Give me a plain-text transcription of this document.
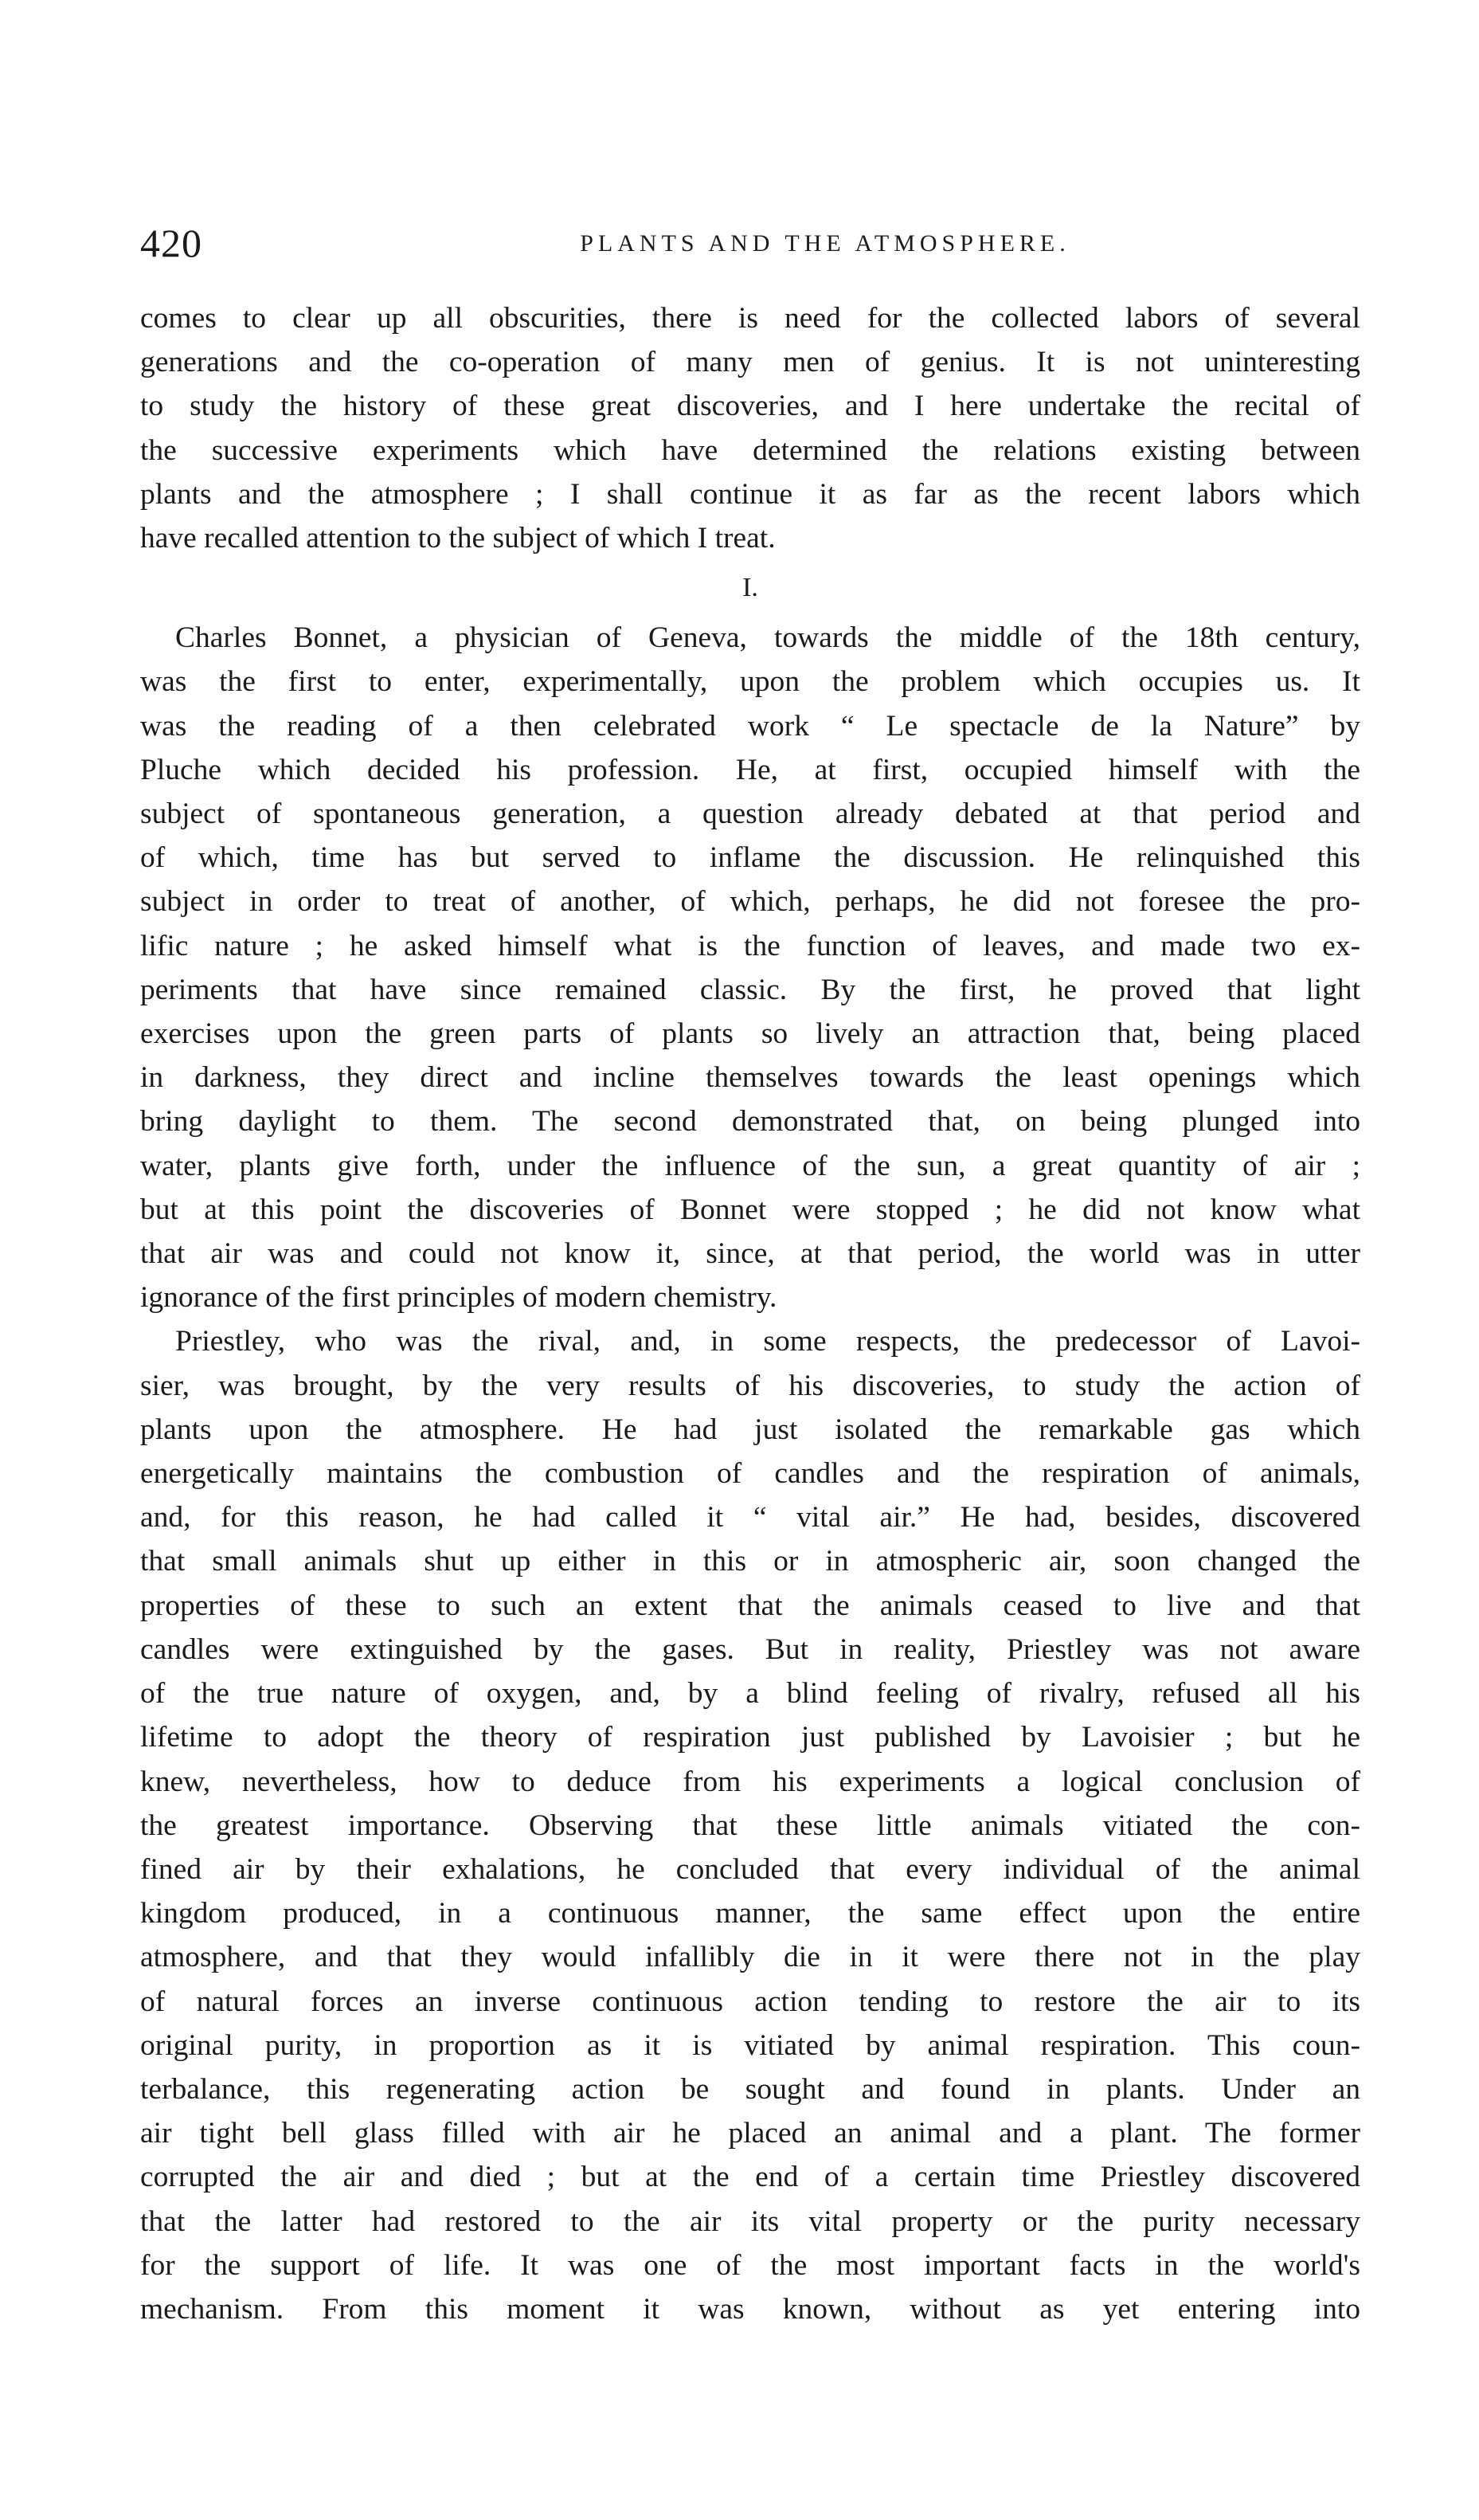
420	PLANTS AND THE ATMOSPHERE.

comes to clear up all obscurities, there is need for the collected labors of several
generations and the co-operation of many men of genius. It is not uninteresting
to study the history of these great discoveries, and I here undertake the recital of
the successive experiments which have determined the relations existing between
plants and the atmosphere ; I shall continue it as far as the recent labors which
have recalled attention to the subject of which I treat.

I.

Charles Bonnet, a physician of Geneva, towards the middle of the 18th century,
was the first to enter, experimentally, upon the problem which occupies us. It
was the reading of a then celebrated work “ Le spectacle de la Nature” by
Pluche which decided his profession. He, at first, occupied himself with the
subject of spontaneous generation, a question already debated at that period and
of which, time has but served to inflame the discussion. He relinquished this
subject in order to treat of another, of which, perhaps, he did not foresee the pro-
lific nature ; he asked himself what is the function of leaves, and made two ex-
periments that have since remained classic. By the first, he proved that light
exercises upon the green parts of plants so lively an attraction that, being placed
in darkness, they direct and incline themselves towards the least openings which
bring daylight to them. The second demonstrated that, on being plunged into
water, plants give forth, under the influence of the sun, a great quantity of air ;
but at this point the discoveries of Bonnet were stopped ; he did not know what
that air was and could not know it, since, at that period, the world was in utter
ignorance of the first principles of modern chemistry.

Priestley, who was the rival, and, in some respects, the predecessor of Lavoi-
sier, was brought, by the very results of his discoveries, to study the action of
plants upon the atmosphere. He had just isolated the remarkable gas which
energetically maintains the combustion of candles and the respiration of animals,
and, for this reason, he had called it “ vital air.” He had, besides, discovered
that small animals shut up either in this or in atmospheric air, soon changed the
properties of these to such an extent that the animals ceased to live and that
candles were extinguished by the gases. But in reality, Priestley was not aware
of the true nature of oxygen, and, by a blind feeling of rivalry, refused all his
lifetime to adopt the theory of respiration just published by Lavoisier ; but he
knew, nevertheless, how to deduce from his experiments a logical conclusion of
the greatest importance. Observing that these little animals vitiated the con-
fined air by their exhalations, he concluded that every individual of the animal
kingdom produced, in a continuous manner, the same effect upon the entire
atmosphere, and that they would infallibly die in it were there not in the play
of natural forces an inverse continuous action tending to restore the air to its
original purity, in proportion as it is vitiated by animal respiration. This coun-
terbalance, this regenerating action be sought and found in plants. Under an
air tight bell glass filled with air he placed an animal and a plant. The former
corrupted the air and died ; but at the end of a certain time Priestley discovered
that the latter had restored to the air its vital property or the purity necessary
for the support of life. It was one of the most important facts in the world's
mechanism. From this moment it was known, without as yet entering into
